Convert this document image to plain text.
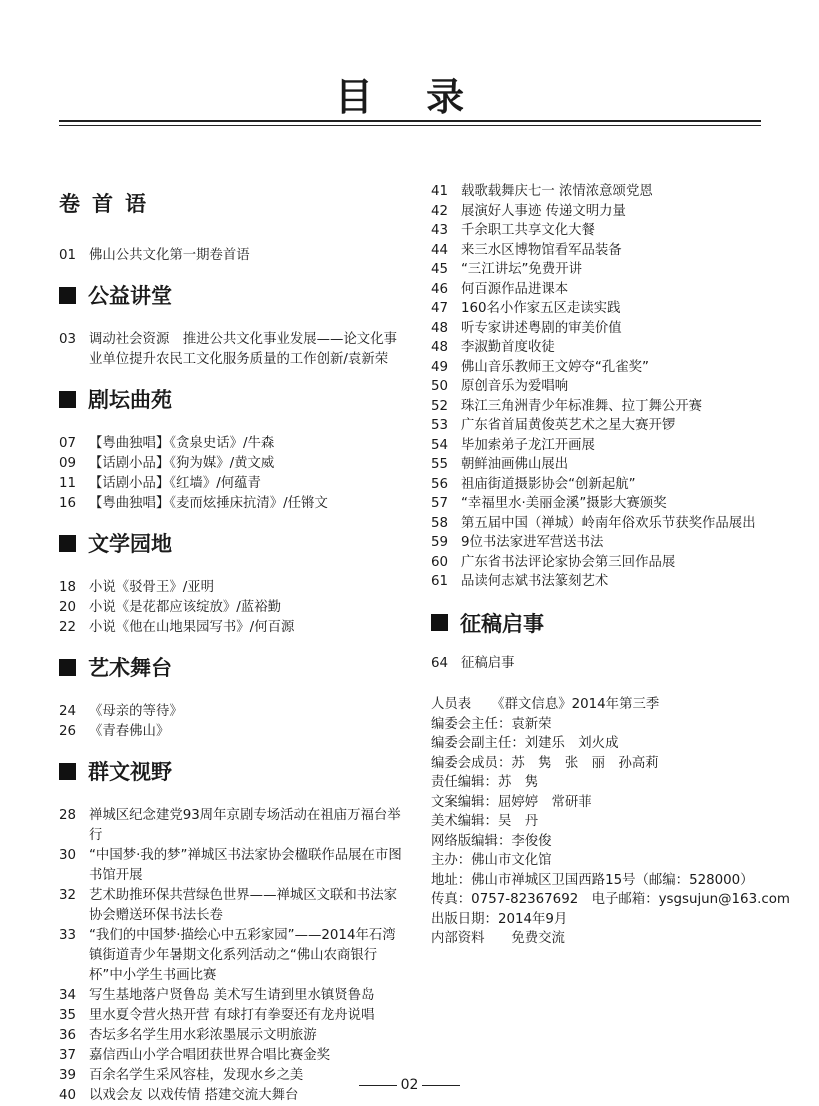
目 录
卷首语
01 佛山公共文化第一期卷首语
公益讲堂
03 调动社会资源　推进公共文化事业发展——论文化事业单位提升农民工文化服务质量的工作创新/袁新荣
剧坛曲苑
07 【粤曲独唱】《贪泉史话》/牛森
09 【话剧小品】《狗为媒》/黄文威
11 【话剧小品】《红墙》/何蕴青
16 【粤曲独唱】《麦而炫捶床抗清》/任锵文
文学园地
18 小说《驳骨王》/亚明
20 小说《是花都应该绽放》/蓝裕勤
22 小说《他在山地果园写书》/何百源
艺术舞台
24 《母亲的等待》
26 《青春佛山》
群文视野
28 禅城区纪念建党93周年京剧专场活动在祖庙万福台举行
30 “中国梦·我的梦”禅城区书法家协会楹联作品展在市图书馆开展
32 艺术助推环保共营绿色世界——禅城区文联和书法家协会赠送环保书法长卷
33 “我们的中国梦·描绘心中五彩家园”——2014年石湾镇街道青少年暑期文化系列活动之“佛山农商银行杯”中小学生书画比赛
34 写生基地落户贤鲁岛 美术写生请到里水镇贤鲁岛
35 里水夏令营火热开营 有球打有拳耍还有龙舟说唱
36 杏坛多名学生用水彩浓墨展示文明旅游
37 嘉信西山小学合唱团获世界合唱比赛金奖
39 百余名学生采风容桂，发现水乡之美
40 以戏会友 以戏传情 搭建交流大舞台
41 载歌载舞庆七一 浓情浓意颂党恩
42 展演好人事迹 传递文明力量
43 千余职工共享文化大餐
44 来三水区博物馆看军品装备
45 “三江讲坛”免费开讲
46 何百源作品进课本
47 160名小作家五区走读实践
48 听专家讲述粤剧的审美价值
48 李淑勤首度收徒
49 佛山音乐教师王文婷夺“孔雀奖”
50 原创音乐为爱唱响
52 珠江三角洲青少年标准舞、拉丁舞公开赛
53 广东省首届黄俊英艺术之星大赛开锣
54 毕加索弟子龙江开画展
55 朝鲜油画佛山展出
56 祖庙街道摄影协会“创新起航”
57 “幸福里水·美丽金溪”摄影大赛颁奖
58 第五届中国（禅城）岭南年俗欢乐节获奖作品展出
59 9位书法家进军营送书法
60 广东省书法评论家协会第三回作品展
61 品读何志斌书法篆刻艺术
征稿启事
64 征稿启事
人员表　　《群文信息》2014年第三季
编委会主任：袁新荣
编委会副主任：刘建乐　刘火成
编委会成员：苏　隽　张　丽　孙高莉
责任编辑：苏　隽
文案编辑：屈婷婷　常研菲
美术编辑：吴　丹
网络版编辑：李俊俊
主办：佛山市文化馆
地址：佛山市禅城区卫国西路15号（邮编：528000）
传真：0757-82367692　电子邮箱：ysgsujun@163.com
出版日期：2014年9月
内部资料　　免费交流
02
